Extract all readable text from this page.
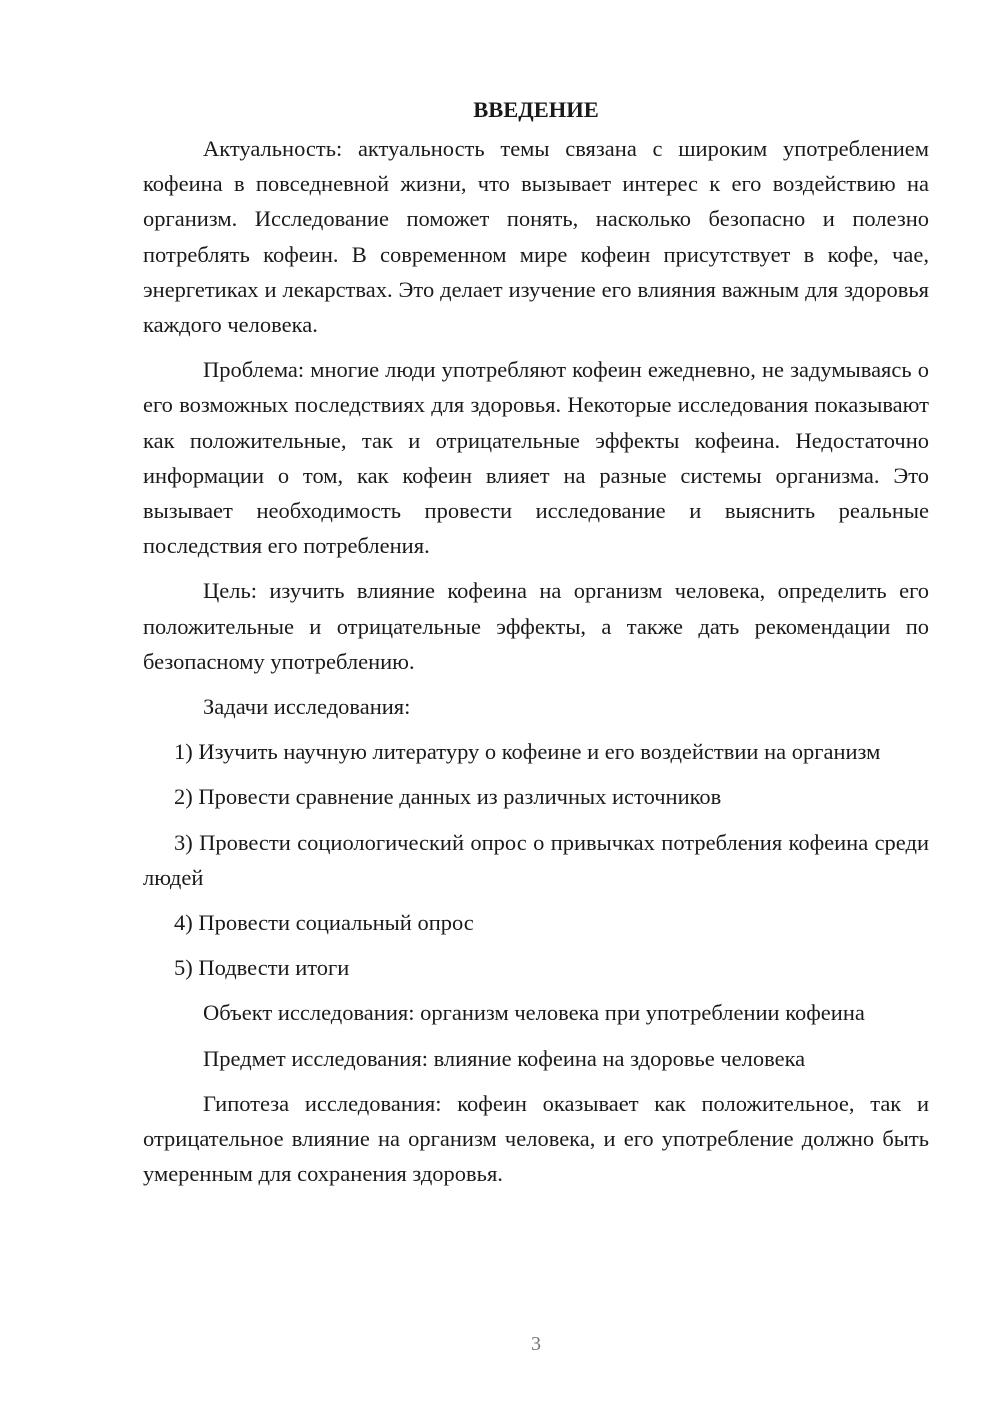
ВВЕДЕНИЕ

Актуальность: актуальность темы связана с широким употреблением кофеина в повседневной жизни, что вызывает интерес к его воздействию на организм. Исследование поможет понять, насколько безопасно и полезно потреблять кофеин. В современном мире кофеин присутствует в кофе, чае, энергетиках и лекарствах. Это делает изучение его влияния важным для здоровья каждого человека.

Проблема: многие люди употребляют кофеин ежедневно, не задумываясь о его возможных последствиях для здоровья. Некоторые исследования показывают как положительные, так и отрицательные эффекты кофеина. Недостаточно информации о том, как кофеин влияет на разные системы организма. Это вызывает необходимость провести исследование и выяснить реальные последствия его потребления.

Цель: изучить влияние кофеина на организм человека, определить его положительные и отрицательные эффекты, а также дать рекомендации по безопасному употреблению.

Задачи исследования:

1) Изучить научную литературу о кофеине и его воздействии на организм

2) Провести сравнение данных из различных источников

3) Провести социологический опрос о привычках потребления кофеина среди людей

4) Провести социальный опрос

5) Подвести итоги

Объект исследования: организм человека при употреблении кофеина

Предмет исследования: влияние кофеина на здоровье человека

Гипотеза исследования: кофеин оказывает как положительное, так и отрицательное влияние на организм человека, и его употребление должно быть умеренным для сохранения здоровья.

3
